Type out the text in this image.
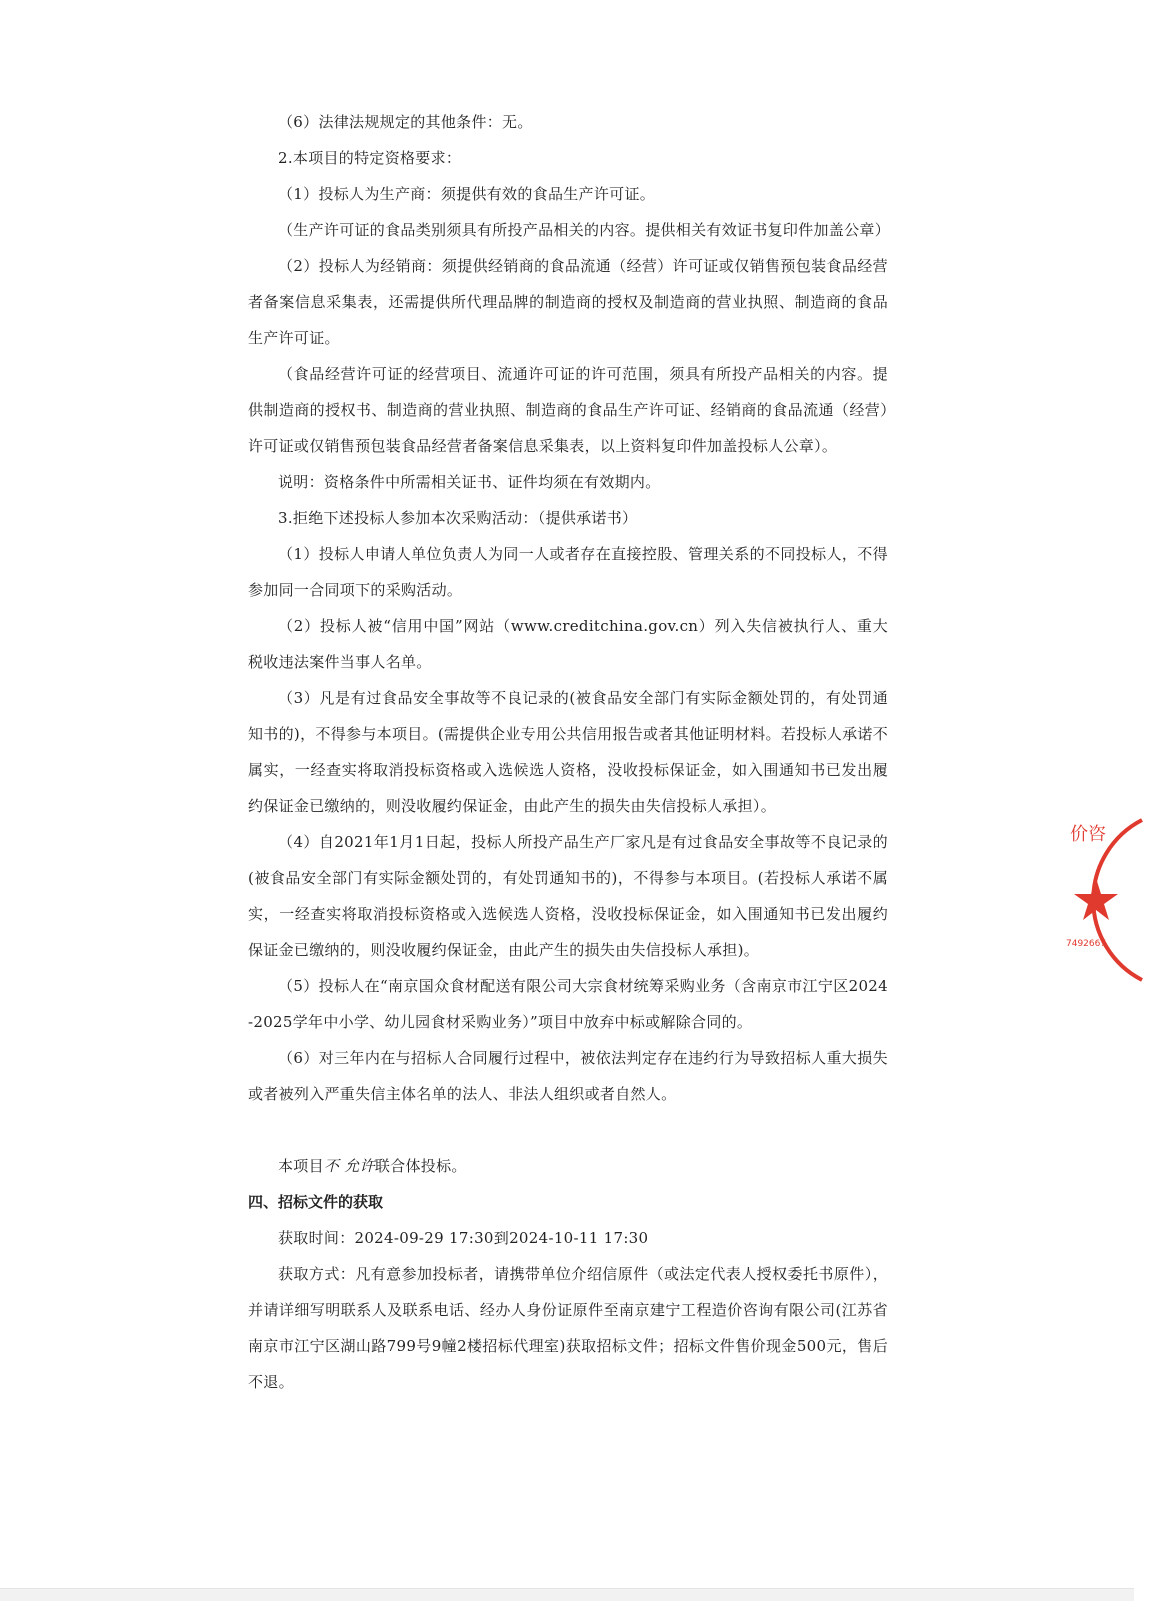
（6）法律法规规定的其他条件：无。

2.本项目的特定资格要求：

（1）投标人为生产商：须提供有效的食品生产许可证。

（生产许可证的食品类别须具有所投产品相关的内容。提供相关有效证书复印件加盖公章）

（2）投标人为经销商：须提供经销商的食品流通（经营）许可证或仅销售预包装食品经营者备案信息采集表，还需提供所代理品牌的制造商的授权及制造商的营业执照、制造商的食品生产许可证。

（食品经营许可证的经营项目、流通许可证的许可范围，须具有所投产品相关的内容。提供制造商的授权书、制造商的营业执照、制造商的食品生产许可证、经销商的食品流通（经营）许可证或仅销售预包装食品经营者备案信息采集表，以上资料复印件加盖投标人公章）。

说明：资格条件中所需相关证书、证件均须在有效期内。

3.拒绝下述投标人参加本次采购活动：（提供承诺书）

（1）投标人申请人单位负责人为同一人或者存在直接控股、管理关系的不同投标人，不得参加同一合同项下的采购活动。

（2）投标人被“信用中国”网站（www.creditchina.gov.cn）列入失信被执行人、重大税收违法案件当事人名单。

（3）凡是有过食品安全事故等不良记录的(被食品安全部门有实际金额处罚的，有处罚通知书的)，不得参与本项目。(需提供企业专用公共信用报告或者其他证明材料。若投标人承诺不属实，一经查实将取消投标资格或入选候选人资格，没收投标保证金，如入围通知书已发出履约保证金已缴纳的，则没收履约保证金，由此产生的损失由失信投标人承担）。

（4）自2021年1月1日起，投标人所投产品生产厂家凡是有过食品安全事故等不良记录的(被食品安全部门有实际金额处罚的，有处罚通知书的)，不得参与本项目。(若投标人承诺不属实，一经查实将取消投标资格或入选候选人资格，没收投标保证金，如入围通知书已发出履约保证金已缴纳的，则没收履约保证金，由此产生的损失由失信投标人承担)。

（5）投标人在“南京国众食材配送有限公司大宗食材统筹采购业务（含南京市江宁区2024-2025学年中小学、幼儿园食材采购业务）”项目中放弃中标或解除合同的。

（6）对三年内在与招标人合同履行过程中，被依法判定存在违约行为导致招标人重大损失或者被列入严重失信主体名单的法人、非法人组织或者自然人。

本项目不 允许联合体投标。

四、招标文件的获取

获取时间：2024-09-29 17:30到2024-10-11 17:30

获取方式：凡有意参加投标者，请携带单位介绍信原件（或法定代表人授权委托书原件），并请详细写明联系人及联系电话、经办人身份证原件至南京建宁工程造价咨询有限公司(江苏省南京市江宁区湖山路799号9幢2楼招标代理室)获取招标文件；招标文件售价现金500元，售后不退。

价咨
7492667
